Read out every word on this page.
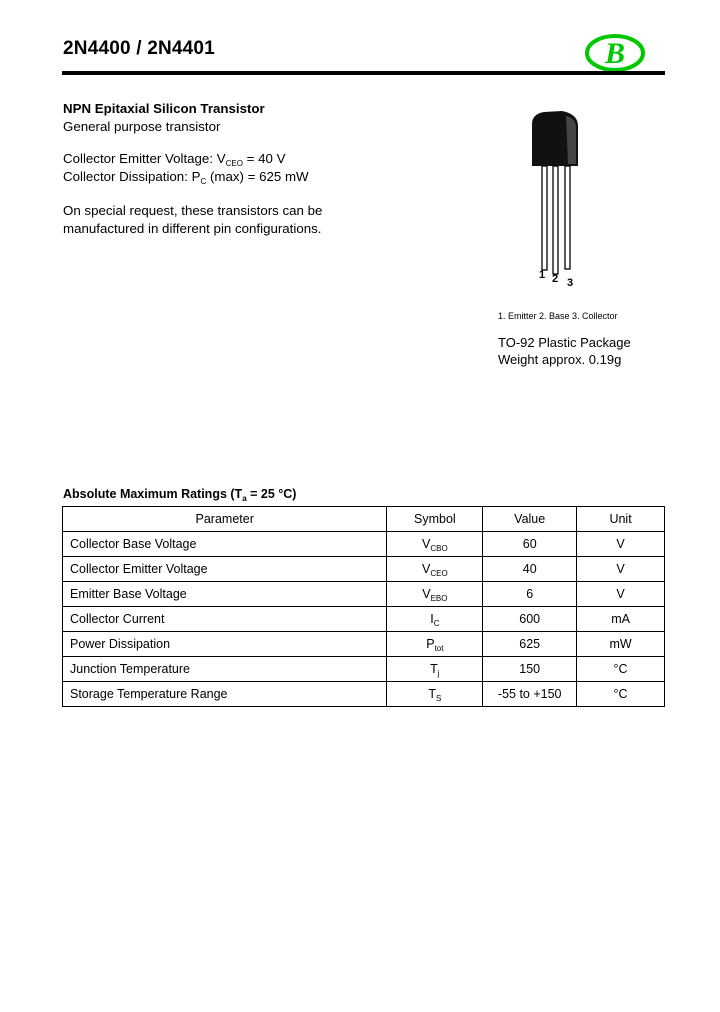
2N4400 / 2N4401	B
NPN Epitaxial Silicon Transistor
General purpose transistor
Collector Emitter Voltage: $V_{CEO} = 40$ V
Collector Dissipation: $P_C$ (max) = 625 mW
On special request, these transistors can be
manufactured in different pin configurations.
1 2 3
1. Emitter 2. Base 3. Collector
TO-92 Plastic Package
Weight approx. 0.19g
Absolute Maximum Ratings ($T_a = 25$ °C)
Parameter	Symbol	Value	Unit
Collector Base Voltage	$V_{CBO}$	60	V
Collector Emitter Voltage	$V_{CEO}$	40	V
Emitter Base Voltage	$V_{EBO}$	6	V
Collector Current	$I_C$	600	mA
Power Dissipation	$P_{tot}$	625	mW
Junction Temperature	$T_j$	150	°C
Storage Temperature Range	$T_S$	-55 to +150	°C
